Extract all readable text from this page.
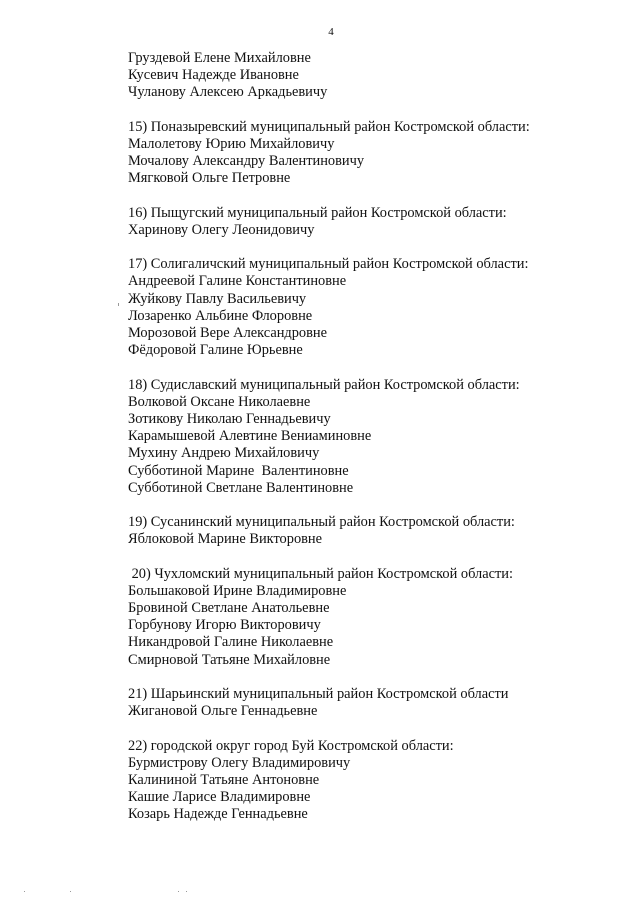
4
Груздевой Елене Михайловне
Кусевич Надежде Ивановне
Чуланову Алексею Аркадьевичу
15) Поназыревский муниципальный район Костромской области:
Малолетову Юрию Михайловичу
Мочалову Александру Валентиновичу
Мягковой Ольге Петровне
16) Пыщугский муниципальный район Костромской области:
Харинову Олегу Леонидовичу
17) Солигаличский муниципальный район Костромской области:
Андреевой Галине Константиновне
Жуйкову Павлу Васильевичу
Лозаренко Альбине Флоровне
Морозовой Вере Александровне
Фёдоровой Галине Юрьевне
18) Судиславский муниципальный район Костромской области:
Волковой Оксане Николаевне
Зотикову Николаю Геннадьевичу
Карамышевой Алевтине Вениаминовне
Мухину Андрею Михайловичу
Субботиной Марине  Валентиновне
Субботиной Светлане Валентиновне
19) Сусанинский муниципальный район Костромской области:
Яблоковой Марине Викторовне
20) Чухломский муниципальный район Костромской области:
Большаковой Ирине Владимировне
Бровиной Светлане Анатольевне
Горбунову Игорю Викторовичу
Никандровой Галине Николаевне
Смирновой Татьяне Михайловне
21) Шарьинский муниципальный район Костромской области
Жигановой Ольге Геннадьевне
22) городской округ город Буй Костромской области:
Бурмистрову Олегу Владимировичу
Калининой Татьяне Антоновне
Кашие Ларисе Владимировне
Козарь Надежде Геннадьевне
